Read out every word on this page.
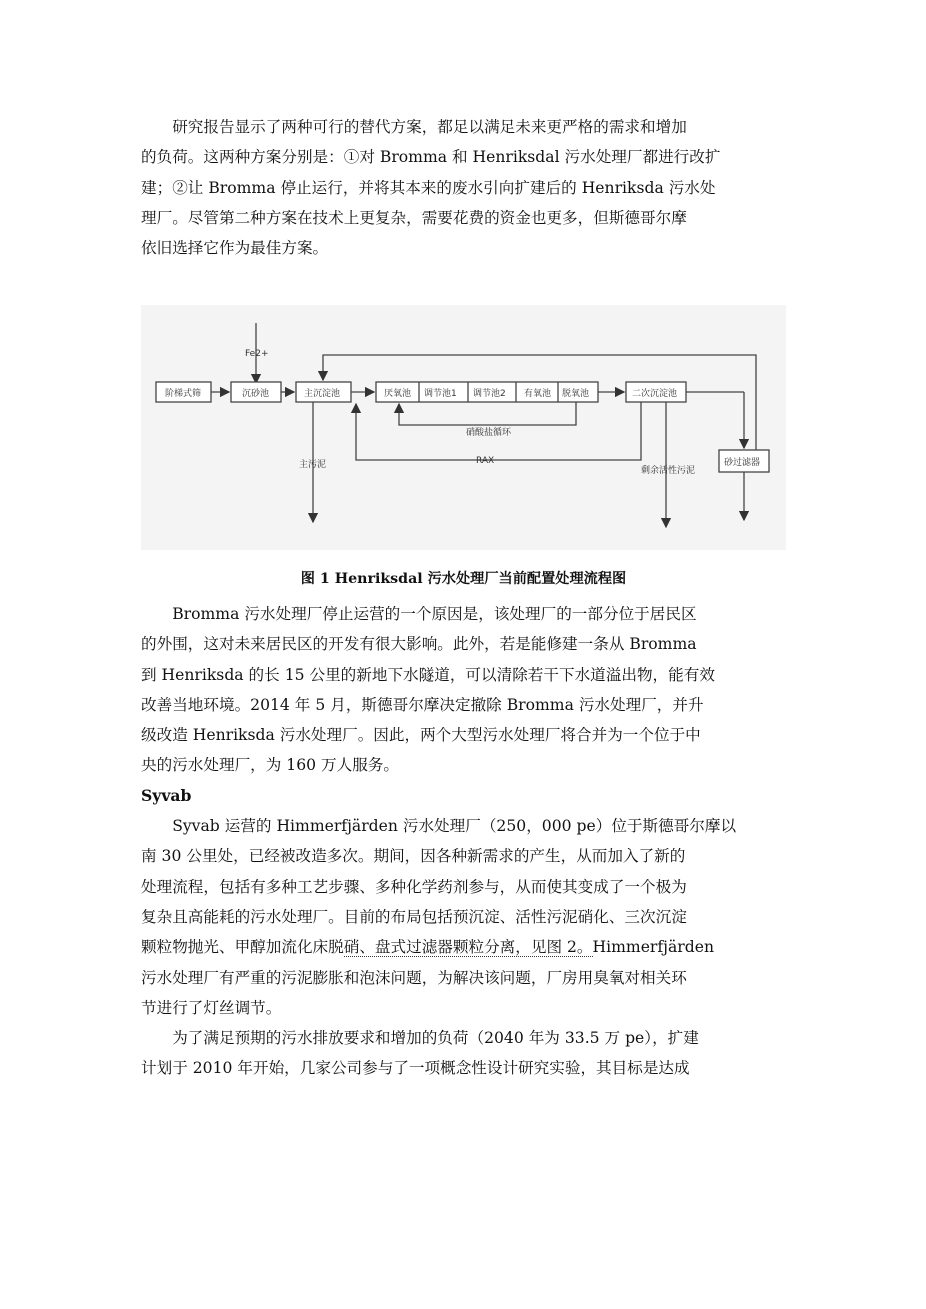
研究报告显示了两种可行的替代方案，都足以满足未来更严格的需求和增加
的负荷。这两种方案分别是：①对 Bromma 和 Henriksdal 污水处理厂都进行改扩
建；②让 Bromma 停止运行，并将其本来的废水引向扩建后的 Henriksda 污水处
理厂。尽管第二种方案在技术上更复杂，需要花费的资金也更多，但斯德哥尔摩
依旧选择它作为最佳方案。

Fe2+
阶梯式筛	沉砂池	主沉淀池	厌氧池 调节池1 调节池2 有氧池 脱氧池	二次沉淀池
砂过滤器
硝酸盐循环
RAX
主污泥
剩余活性污泥
图 1 Henriksdal 污水处理厂当前配置处理流程图

Bromma 污水处理厂停止运营的一个原因是，该处理厂的一部分位于居民区
的外围，这对未来居民区的开发有很大影响。此外，若是能修建一条从 Bromma
到 Henriksda 的长 15 公里的新地下水隧道，可以清除若干下水道溢出物，能有效
改善当地环境。2014 年 5 月，斯德哥尔摩决定撤除 Bromma 污水处理厂，并升
级改造 Henriksda 污水处理厂。因此，两个大型污水处理厂将合并为一个位于中
央的污水处理厂，为 160 万人服务。

Syvab

Syvab 运营的 Himmerfjärden 污水处理厂（250，000 pe）位于斯德哥尔摩以
南 30 公里处，已经被改造多次。期间，因各种新需求的产生，从而加入了新的
处理流程，包括有多种工艺步骤、多种化学药剂参与，从而使其变成了一个极为
复杂且高能耗的污水处理厂。目前的布局包括预沉淀、活性污泥硝化、三次沉淀
颗粒物抛光、甲醇加流化床脱硝、盘式过滤器颗粒分离，见图 2。Himmerfjärden
污水处理厂有严重的污泥膨胀和泡沫问题，为解决该问题，厂房用臭氧对相关环
节进行了灯丝调节。

为了满足预期的污水排放要求和增加的负荷（2040 年为 33.5 万 pe），扩建
计划于 2010 年开始，几家公司参与了一项概念性设计研究实验，其目标是达成
